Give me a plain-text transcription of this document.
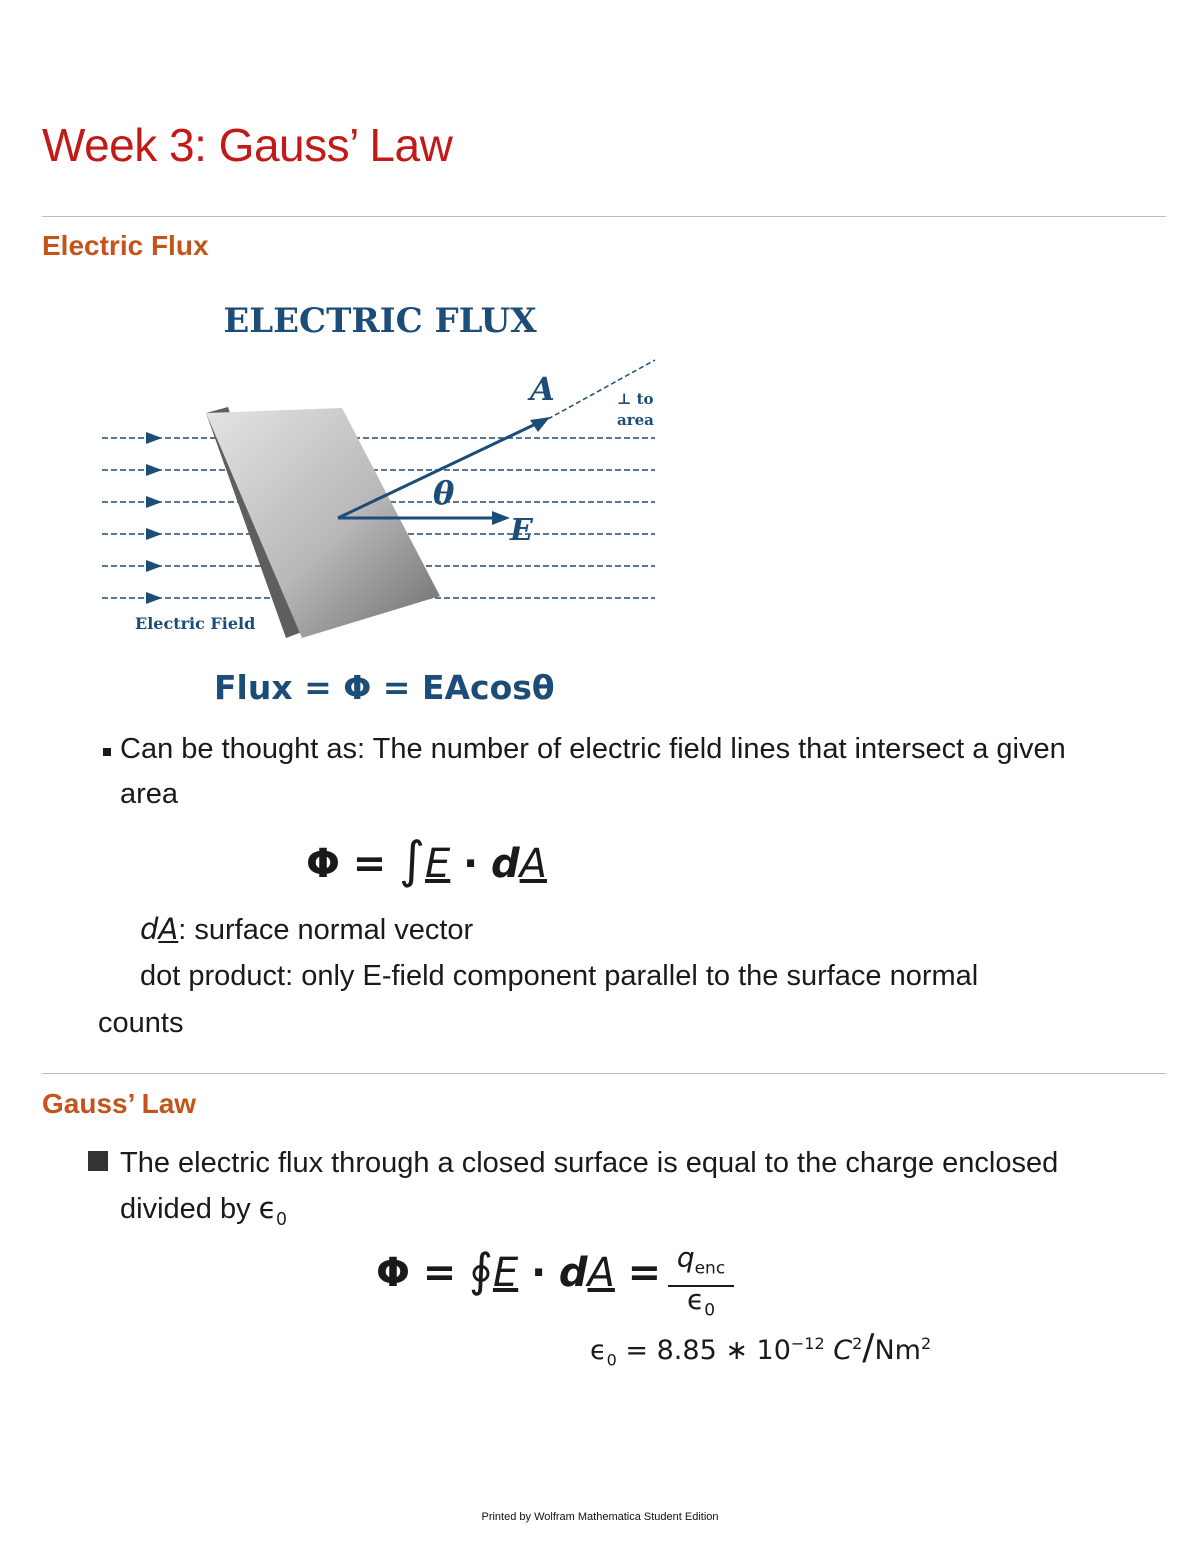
Week 3: Gauss’ Law
Electric Flux
ELECTRIC FLUX
A	⊥ to
area
θ
E
Electric Field
Flux = Φ = EAcosθ
Can be thought as: The number of electric field lines that intersect a given
area
Φ = ∫E · dA
dA: surface normal vector
dot product: only E-field component parallel to the surface normal
counts
Gauss’ Law
The electric flux through a closed surface is equal to the charge enclosed
divided by $\epsilon_0$
Φ = ∮E · dA = $q_{enc}$
$\epsilon_0$
$\epsilon_0 = 8.85$ ∗ $10^{-12}$ $C^2/Nm^2$
Printed by Wolfram Mathematica Student Edition
